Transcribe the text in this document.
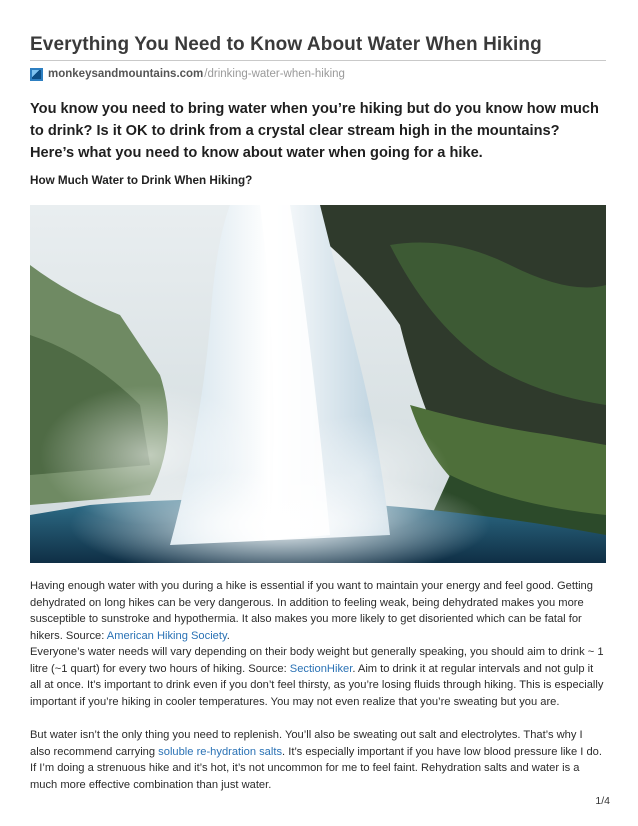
Everything You Need to Know About Water When Hiking
monkeysandmountains.com /drinking-water-when-hiking

You know you need to bring water when you’re hiking but do you know how much to drink? Is it OK to drink from a crystal clear stream high in the mountains? Here’s what you need to know about water when going for a hike.

How Much Water to Drink When Hiking?

Having enough water with you during a hike is essential if you want to maintain your energy and feel good. Getting dehydrated on long hikes can be very dangerous. In addition to feeling weak, being dehydrated makes you more susceptible to sunstroke and hypothermia. It also makes you more likely to get disoriented which can be fatal for hikers. Source: American Hiking Society.

Everyone’s water needs will vary depending on their body weight but generally speaking, you should aim to drink ~ 1 litre (~1 quart) for every two hours of hiking. Source: SectionHiker. Aim to drink it at regular intervals and not gulp it all at once. It’s important to drink even if you don’t feel thirsty, as you’re losing fluids through hiking. This is especially important if you’re hiking in cooler temperatures. You may not even realize that you’re sweating but you are.

But water isn’t the only thing you need to replenish. You’ll also be sweating out salt and electrolytes. That’s why I also recommend carrying soluble re-hydration salts. It’s especially important if you have low blood pressure like I do. If I’m doing a strenuous hike and it’s hot, it’s not uncommon for me to feel faint. Rehydration salts and water is a much more effective combination than just water.

1/4
